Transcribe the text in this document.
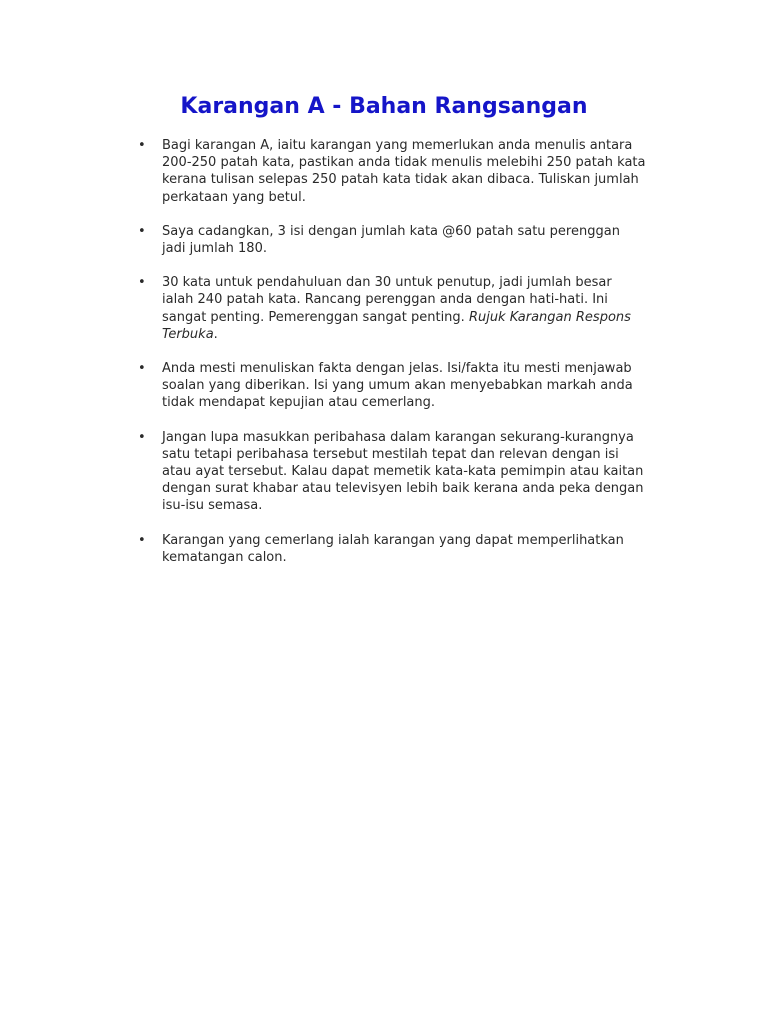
Karangan A - Bahan Rangsangan
• Bagi karangan A, iaitu karangan yang memerlukan anda menulis antara 200-250 patah kata, pastikan anda tidak menulis melebihi 250 patah kata kerana tulisan selepas 250 patah kata tidak akan dibaca. Tuliskan jumlah perkataan yang betul.
• Saya cadangkan, 3 isi dengan jumlah kata @60 patah satu perenggan jadi jumlah 180.
• 30 kata untuk pendahuluan dan 30 untuk penutup, jadi jumlah besar ialah 240 patah kata. Rancang perenggan anda dengan hati-hati. Ini sangat penting. Pemerenggan sangat penting. Rujuk Karangan Respons Terbuka.
• Anda mesti menuliskan fakta dengan jelas. Isi/fakta itu mesti menjawab soalan yang diberikan. Isi yang umum akan menyebabkan markah anda tidak mendapat kepujian atau cemerlang.
• Jangan lupa masukkan peribahasa dalam karangan sekurang-kurangnya satu tetapi peribahasa tersebut mestilah tepat dan relevan dengan isi atau ayat tersebut. Kalau dapat memetik kata-kata pemimpin atau kaitan dengan surat khabar atau televisyen lebih baik kerana anda peka dengan isu-isu semasa.
• Karangan yang cemerlang ialah karangan yang dapat memperlihatkan kematangan calon.
